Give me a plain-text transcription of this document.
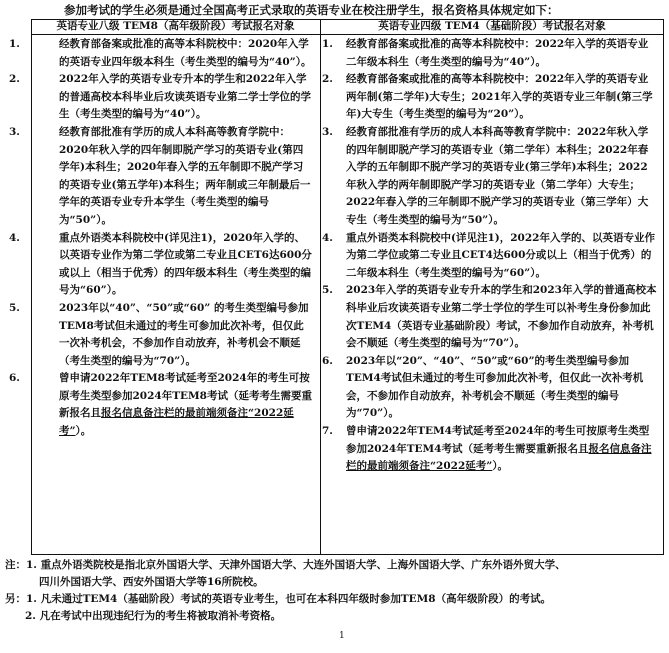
参加考试的学生必须是通过全国高考正式录取的英语专业在校注册学生，报名资格具体规定如下：
英语专业八级 TEM8（高年级阶段）考试报名对象
1.	经教育部备案或批准的高等本科院校中：2020年入学的英语专业四年级本科生（考生类型的编号为“40”）。
2.	2022年入学的英语专业专升本的学生和2022年入学的普通高校本科毕业后攻读英语专业第二学士学位的学生（考生类型的编号为“40”）。
3.	经教育部批准有学历的成人本科高等教育学院中：2020年秋入学的四年制即脱产学习的英语专业(第四学年)本科生；2020年春入学的五年制即不脱产学习的英语专业(第五学年)本科生；两年制或三年制最后一学年的英语专业专升本学生（考生类型的编号为“50”）。
4.	重点外语类本科院校中(详见注1)，2020年入学的、以英语专业作为第二学位或第二专业且CET6达600分或以上（相当于优秀）的四年级本科生（考生类型的编号为“60”）。
5.	2023年以“40”、“50”或“60” 的考生类型编号参加TEM8考试但未通过的考生可参加此次补考，但仅此一次补考机会，不参加作自动放弃，补考机会不顺延（考生类型的编号为“70”）。
6.	曾申请2022年TEM8考试延考至2024年的考生可按原考生类型参加2024年TEM8考试（延考考生需要重新报名且报名信息备注栏的最前端须备注“2022延考”）。
英语专业四级 TEM4（基础阶段）考试报名对象
1. 经教育部备案或批准的高等本科院校中：2022年入学的英语专业二年级本科生（考生类型的编号为“40”）。
2. 经教育部备案或批准的高等本科院校中：2022年入学的英语专业两年制(第二学年)大专生；2021年入学的英语专业三年制(第三学年)大专生（考生类型的编号为“20”）。
3. 经教育部批准有学历的成人本科高等教育学院中：2022年秋入学的四年制即脱产学习的英语专业（第二学年）本科生；2022年春入学的五年制即不脱产学习的英语专业(第三学年)本科生；2022年秋入学的两年制即脱产学习的英语专业（第二学年）大专生；2022年春入学的三年制即不脱产学习的英语专业（第三学年）大专生（考生类型的编号为“50”）。
4. 重点外语类本科院校中(详见注1)，2022年入学的、以英语专业作为第二学位或第二专业且CET4达600分或以上（相当于优秀）的二年级本科生（考生类型的编号为“60”）。
5. 2023年入学的英语专业专升本的学生和2023年入学的普通高校本科毕业后攻读英语专业第二学士学位的学生可以补考生身份参加此次TEM4（英语专业基础阶段）考试，不参加作自动放弃，补考机会不顺延（考生类型的编号为“70”）。
6. 2023年以“20”、“40”、“50”或“60”的考生类型编号参加TEM4考试但未通过的考生可参加此次补考，但仅此一次补考机会，不参加作自动放弃，补考机会不顺延（考生类型的编号为“70”）。
7. 曾申请2022年TEM4考试延考至2024年的考生可按原考生类型参加2024年TEM4考试（延考考生需要重新报名且报名信息备注栏的最前端须备注“2022延考”）。
注：1. 重点外语类院校是指北京外国语大学、天津外国语大学、大连外国语大学、上海外国语大学、广东外语外贸大学、
四川外国语大学、西安外国语大学等16所院校。
另：1. 凡未通过TEM4（基础阶段）考试的英语专业考生，也可在本科四年级时参加TEM8（高年级阶段）的考试。
2. 凡在考试中出现违纪行为的考生将被取消补考资格。
1
